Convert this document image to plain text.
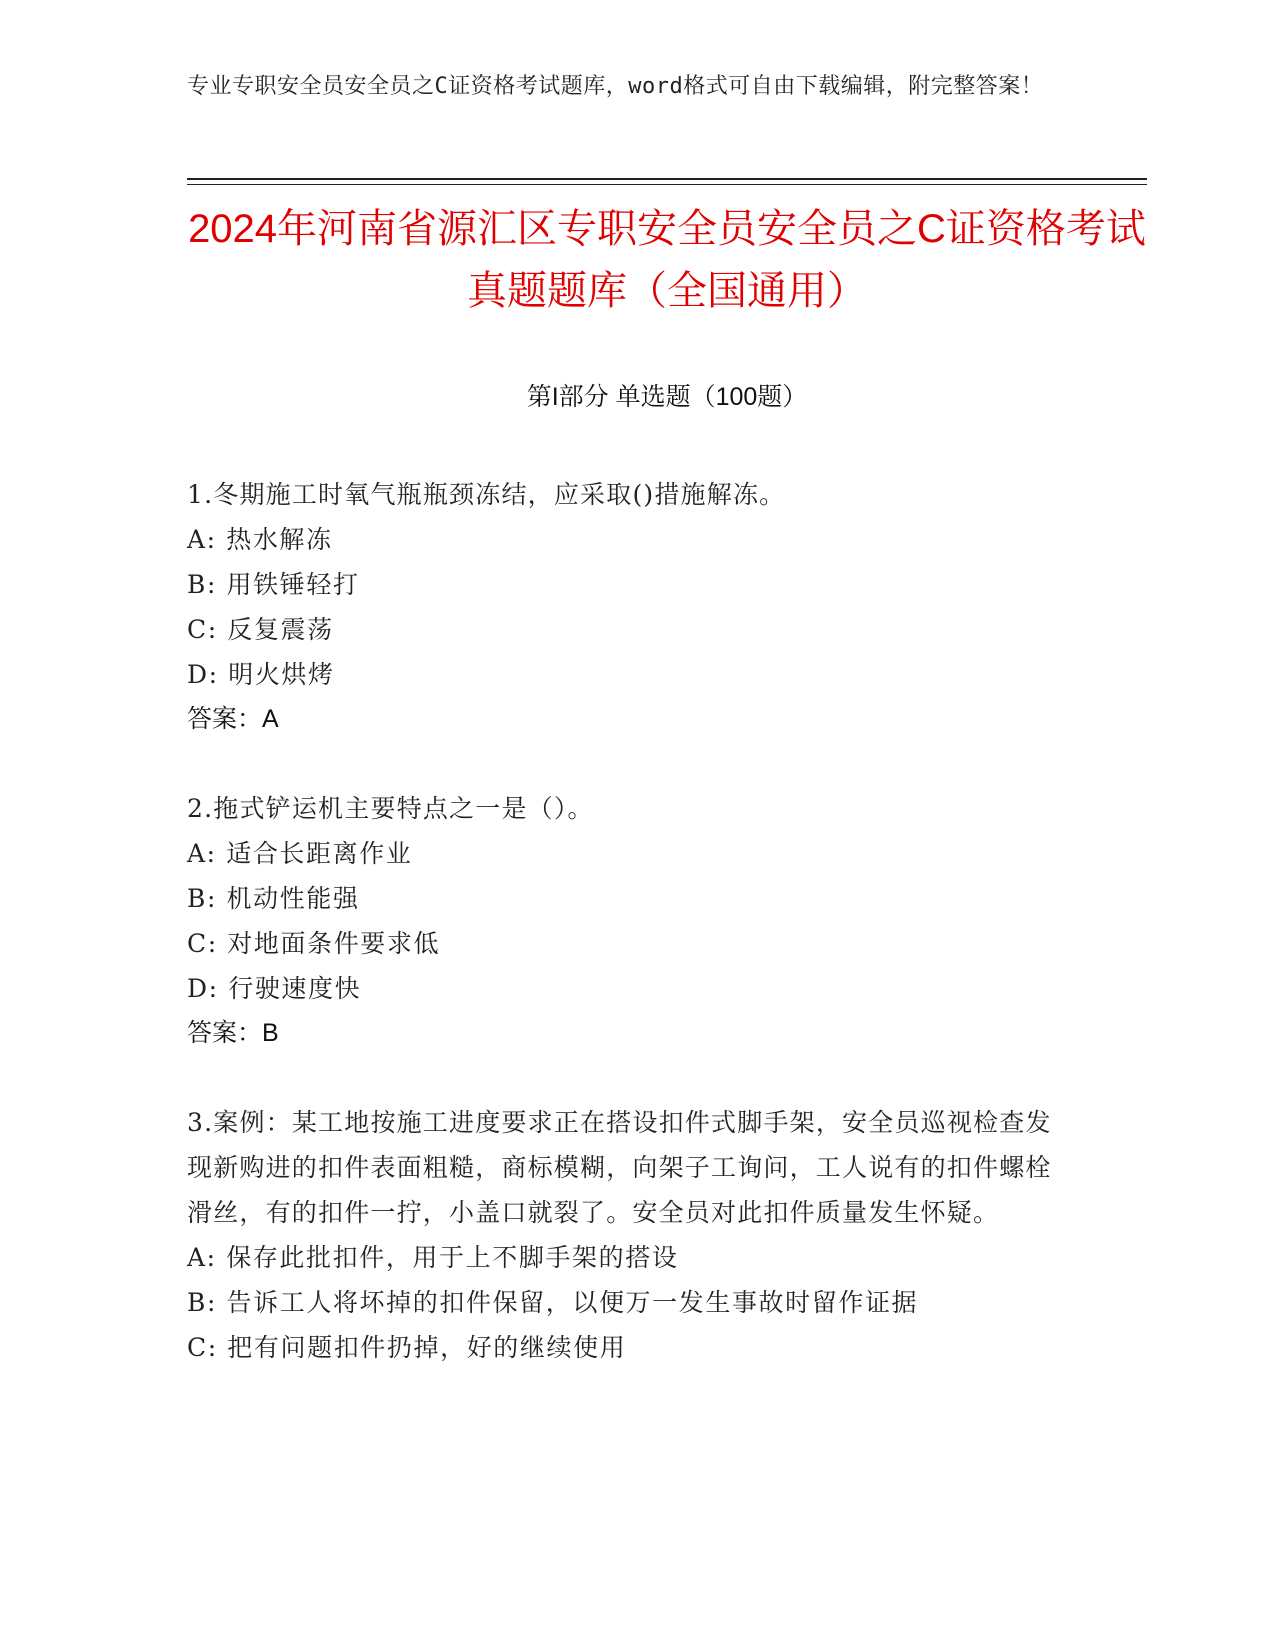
专业专职安全员安全员之C证资格考试题库，word格式可自由下载编辑，附完整答案！
2024年河南省源汇区专职安全员安全员之C证资格考试真题题库（全国通用）
第I部分 单选题（100题）
1.冬期施工时氧气瓶瓶颈冻结，应采取()措施解冻。
A: 热水解冻
B: 用铁锤轻打
C: 反复震荡
D: 明火烘烤
答案：A
2.拖式铲运机主要特点之一是（）。
A: 适合长距离作业
B: 机动性能强
C: 对地面条件要求低
D: 行驶速度快
答案：B
3.案例：某工地按施工进度要求正在搭设扣件式脚手架，安全员巡视检查发现新购进的扣件表面粗糙，商标模糊，向架子工询问，工人说有的扣件螺栓滑丝，有的扣件一拧，小盖口就裂了。安全员对此扣件质量发生怀疑。
A: 保存此批扣件，用于上不脚手架的搭设
B: 告诉工人将坏掉的扣件保留，以便万一发生事故时留作证据
C: 把有问题扣件扔掉，好的继续使用
